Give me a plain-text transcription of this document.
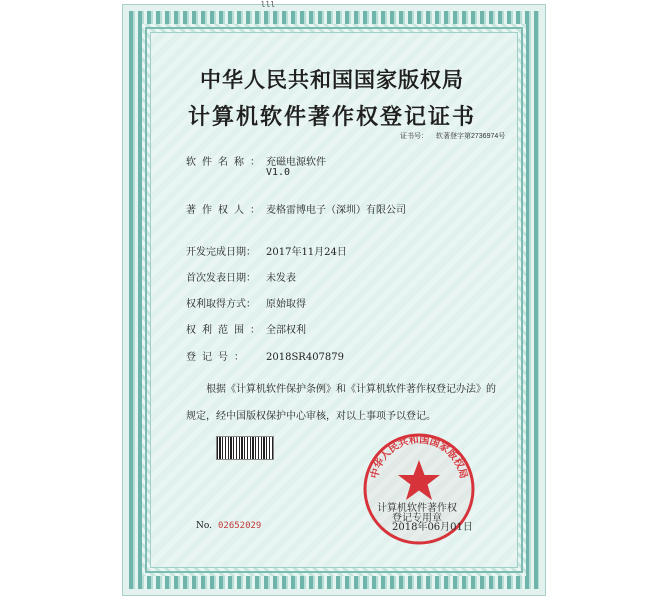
lll
中华人民共和国国家版权局
计算机软件著作权登记证书
证书号： 软著登字第2736974号
软件名称：充磁电源软件
V1.0
著作权人：麦格雷博电子（深圳）有限公司
开发完成日期： 2017年11月24日
首次发表日期： 未发表
权利取得方式： 原始取得
权利范围：全部权利
登记号： 2018SR407879
根据《计算机软件保护条例》和《计算机软件著作权登记办法》的
规定，经中国版权保护中心审核，对以上事项予以登记。
No. 02652029
中华人民共和国国家版权局
计算机软件著作权
登记专用章
2018年06月01日
